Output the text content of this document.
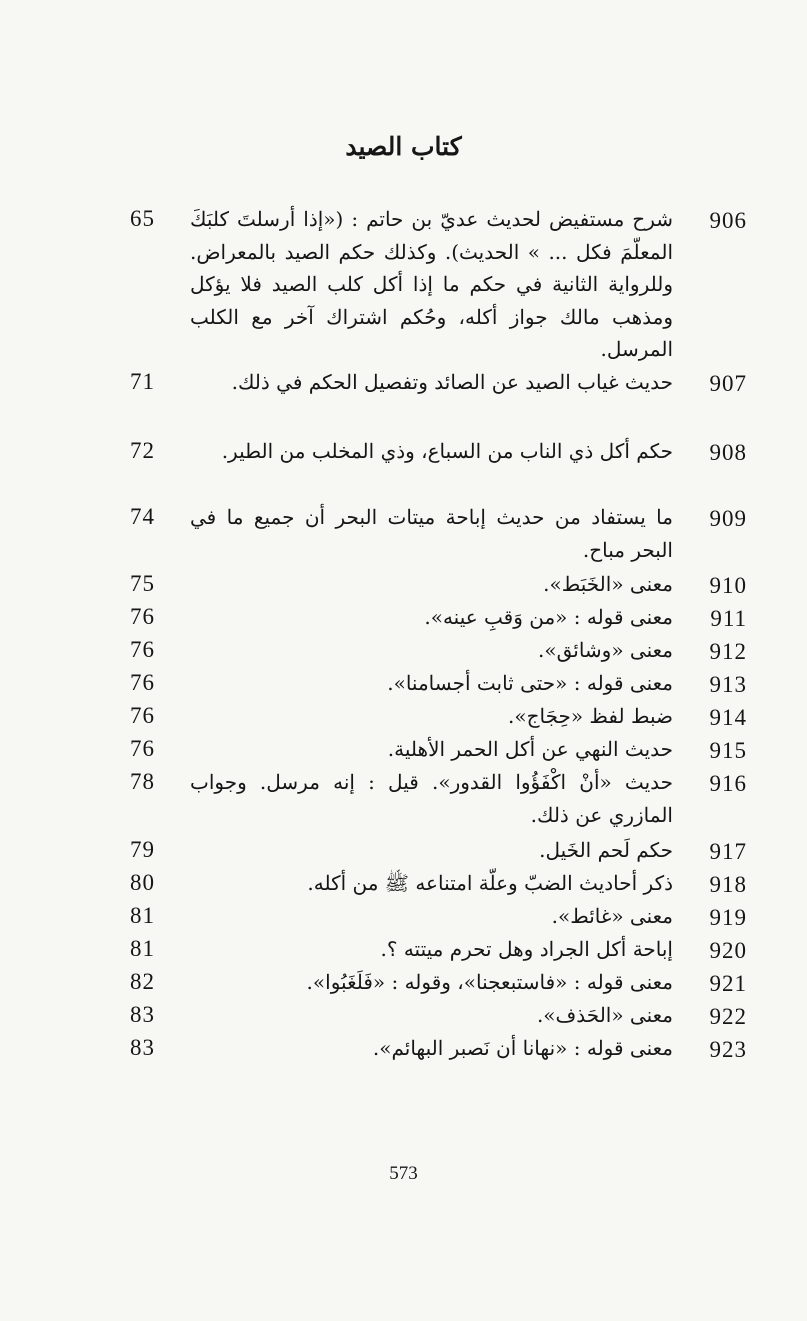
كتاب الصيد
906
شرح مستفيض لحديث عديّ بن حاتم : («إذا أرسلتَ كلبَكَ المعلّمَ فكل ... » الحديث). وكذلك حكم الصيد بالمعراض. وللرواية الثانية في حكم ما إذا أكل كلب الصيد فلا يؤكل ومذهب مالك جواز أكله، وحُكم اشتراك آخر مع الكلب المرسل.
65
907
حديث غياب الصيد عن الصائد وتفصيل الحكم في ذلك.
71
908
حكم أكل ذي الناب من السباع، وذي المخلب من الطير.
72
909
ما يستفاد من حديث إباحة ميتات البحر أن جميع ما في البحر مباح.
74
910
معنى «الخَبَط».
75
911
معنى قوله : «من وَقبِ عينه».
76
912
معنى «وشائق».
76
913
معنى قوله : «حتى ثابت أجسامنا».
76
914
ضبط لفظ «حِجَاج».
76
915
حديث النهي عن أكل الحمر الأهلية.
76
916
حديث «أنْ اكْفَؤُوا القدور». قيل : إنه مرسل. وجواب المازري عن ذلك.
78
917
حكم لَحم الخَيل.
79
918
ذكر أحاديث الضبّ وعلّة امتناعه ﷺ من أكله.
80
919
معنى «غائط».
81
920
إباحة أكل الجراد وهل تحرم ميتته ؟.
81
921
معنى قوله : «فاستبعجنا»، وقوله : «فَلَغَبُوا».
82
922
معنى «الحَذف».
83
923
معنى قوله : «نهانا أن نَصبر البهائم».
83
573
